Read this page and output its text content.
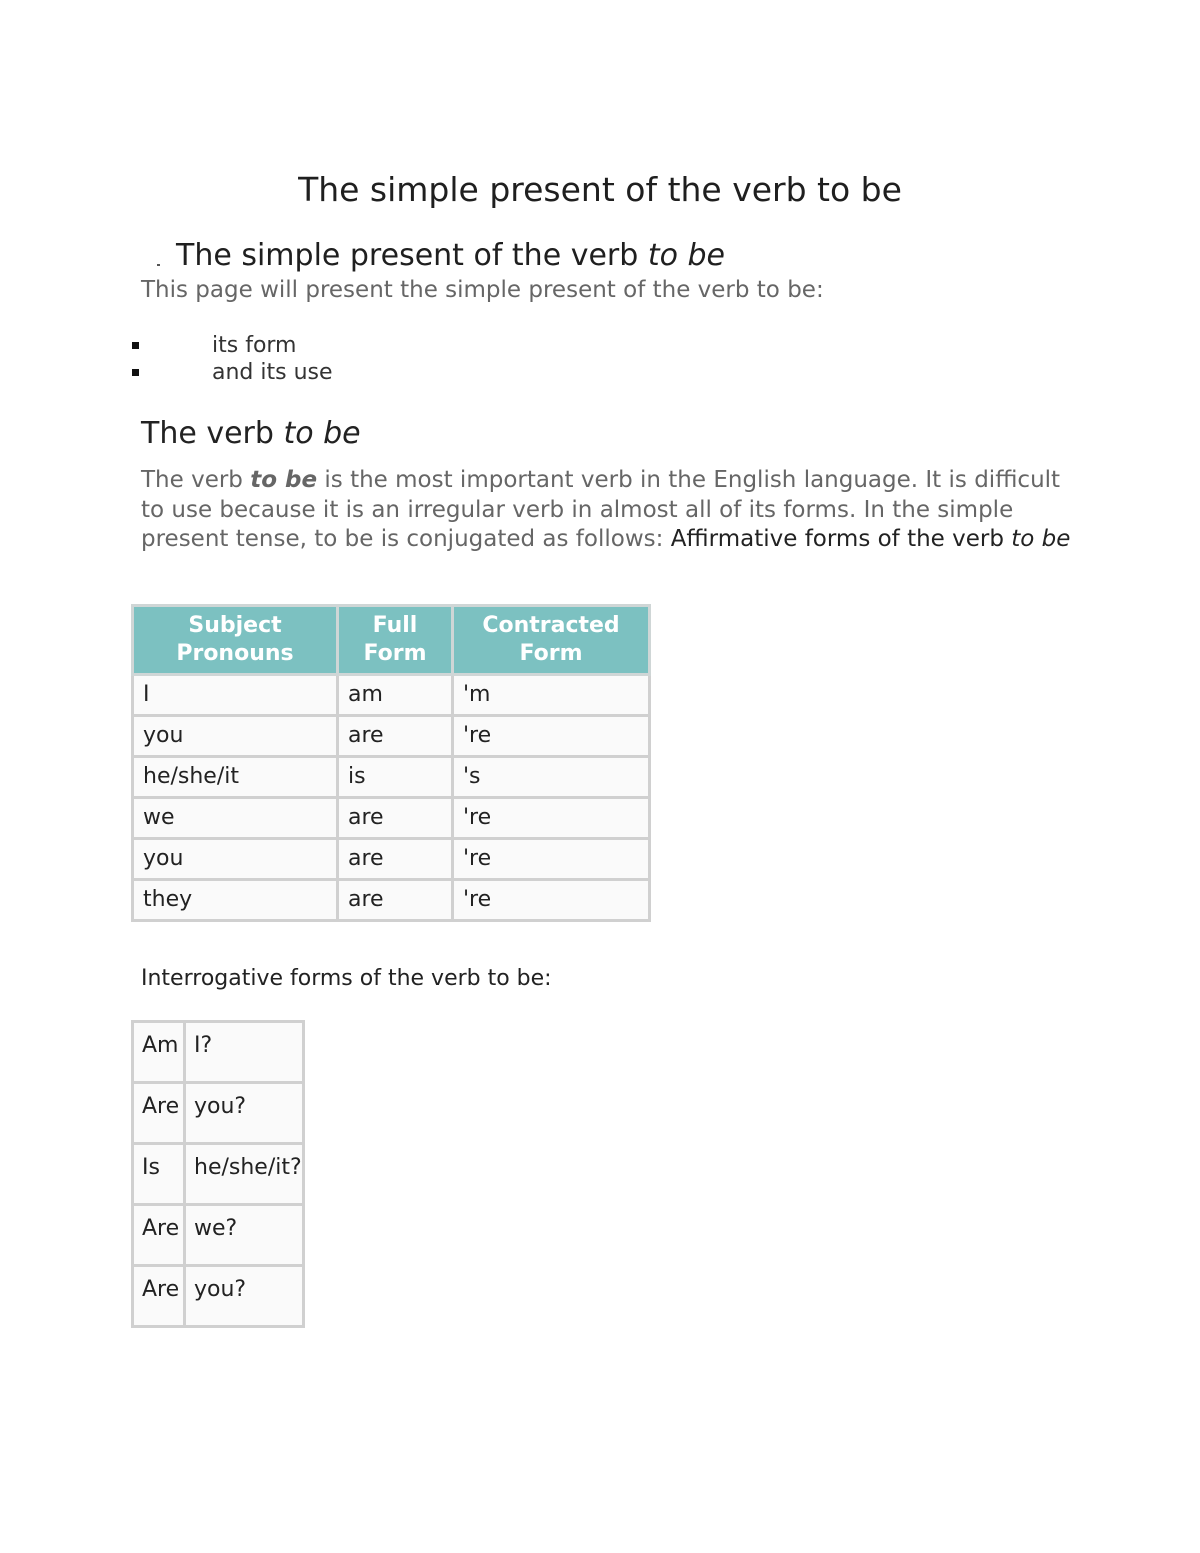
The simple present of the verb to be
The simple present of the verb to be

This page will present the simple present of the verb to be:

its form
and its use
The verb to be

The verb to be is the most important verb in the English language. It is difficult to use because it is an irregular verb in almost all of its forms. In the simple present tense, to be is conjugated as follows: Affirmative forms of the verb to be

Subject Pronouns	Full Form	Contracted Form
I	am	'm
you	are	're
he/she/it	is	's
we	are	're
you	are	're
they	are	're

Interrogative forms of the verb to be:

Am	I?
Are	you?
Is	he/she/it?
Are	we?
Are	you?
